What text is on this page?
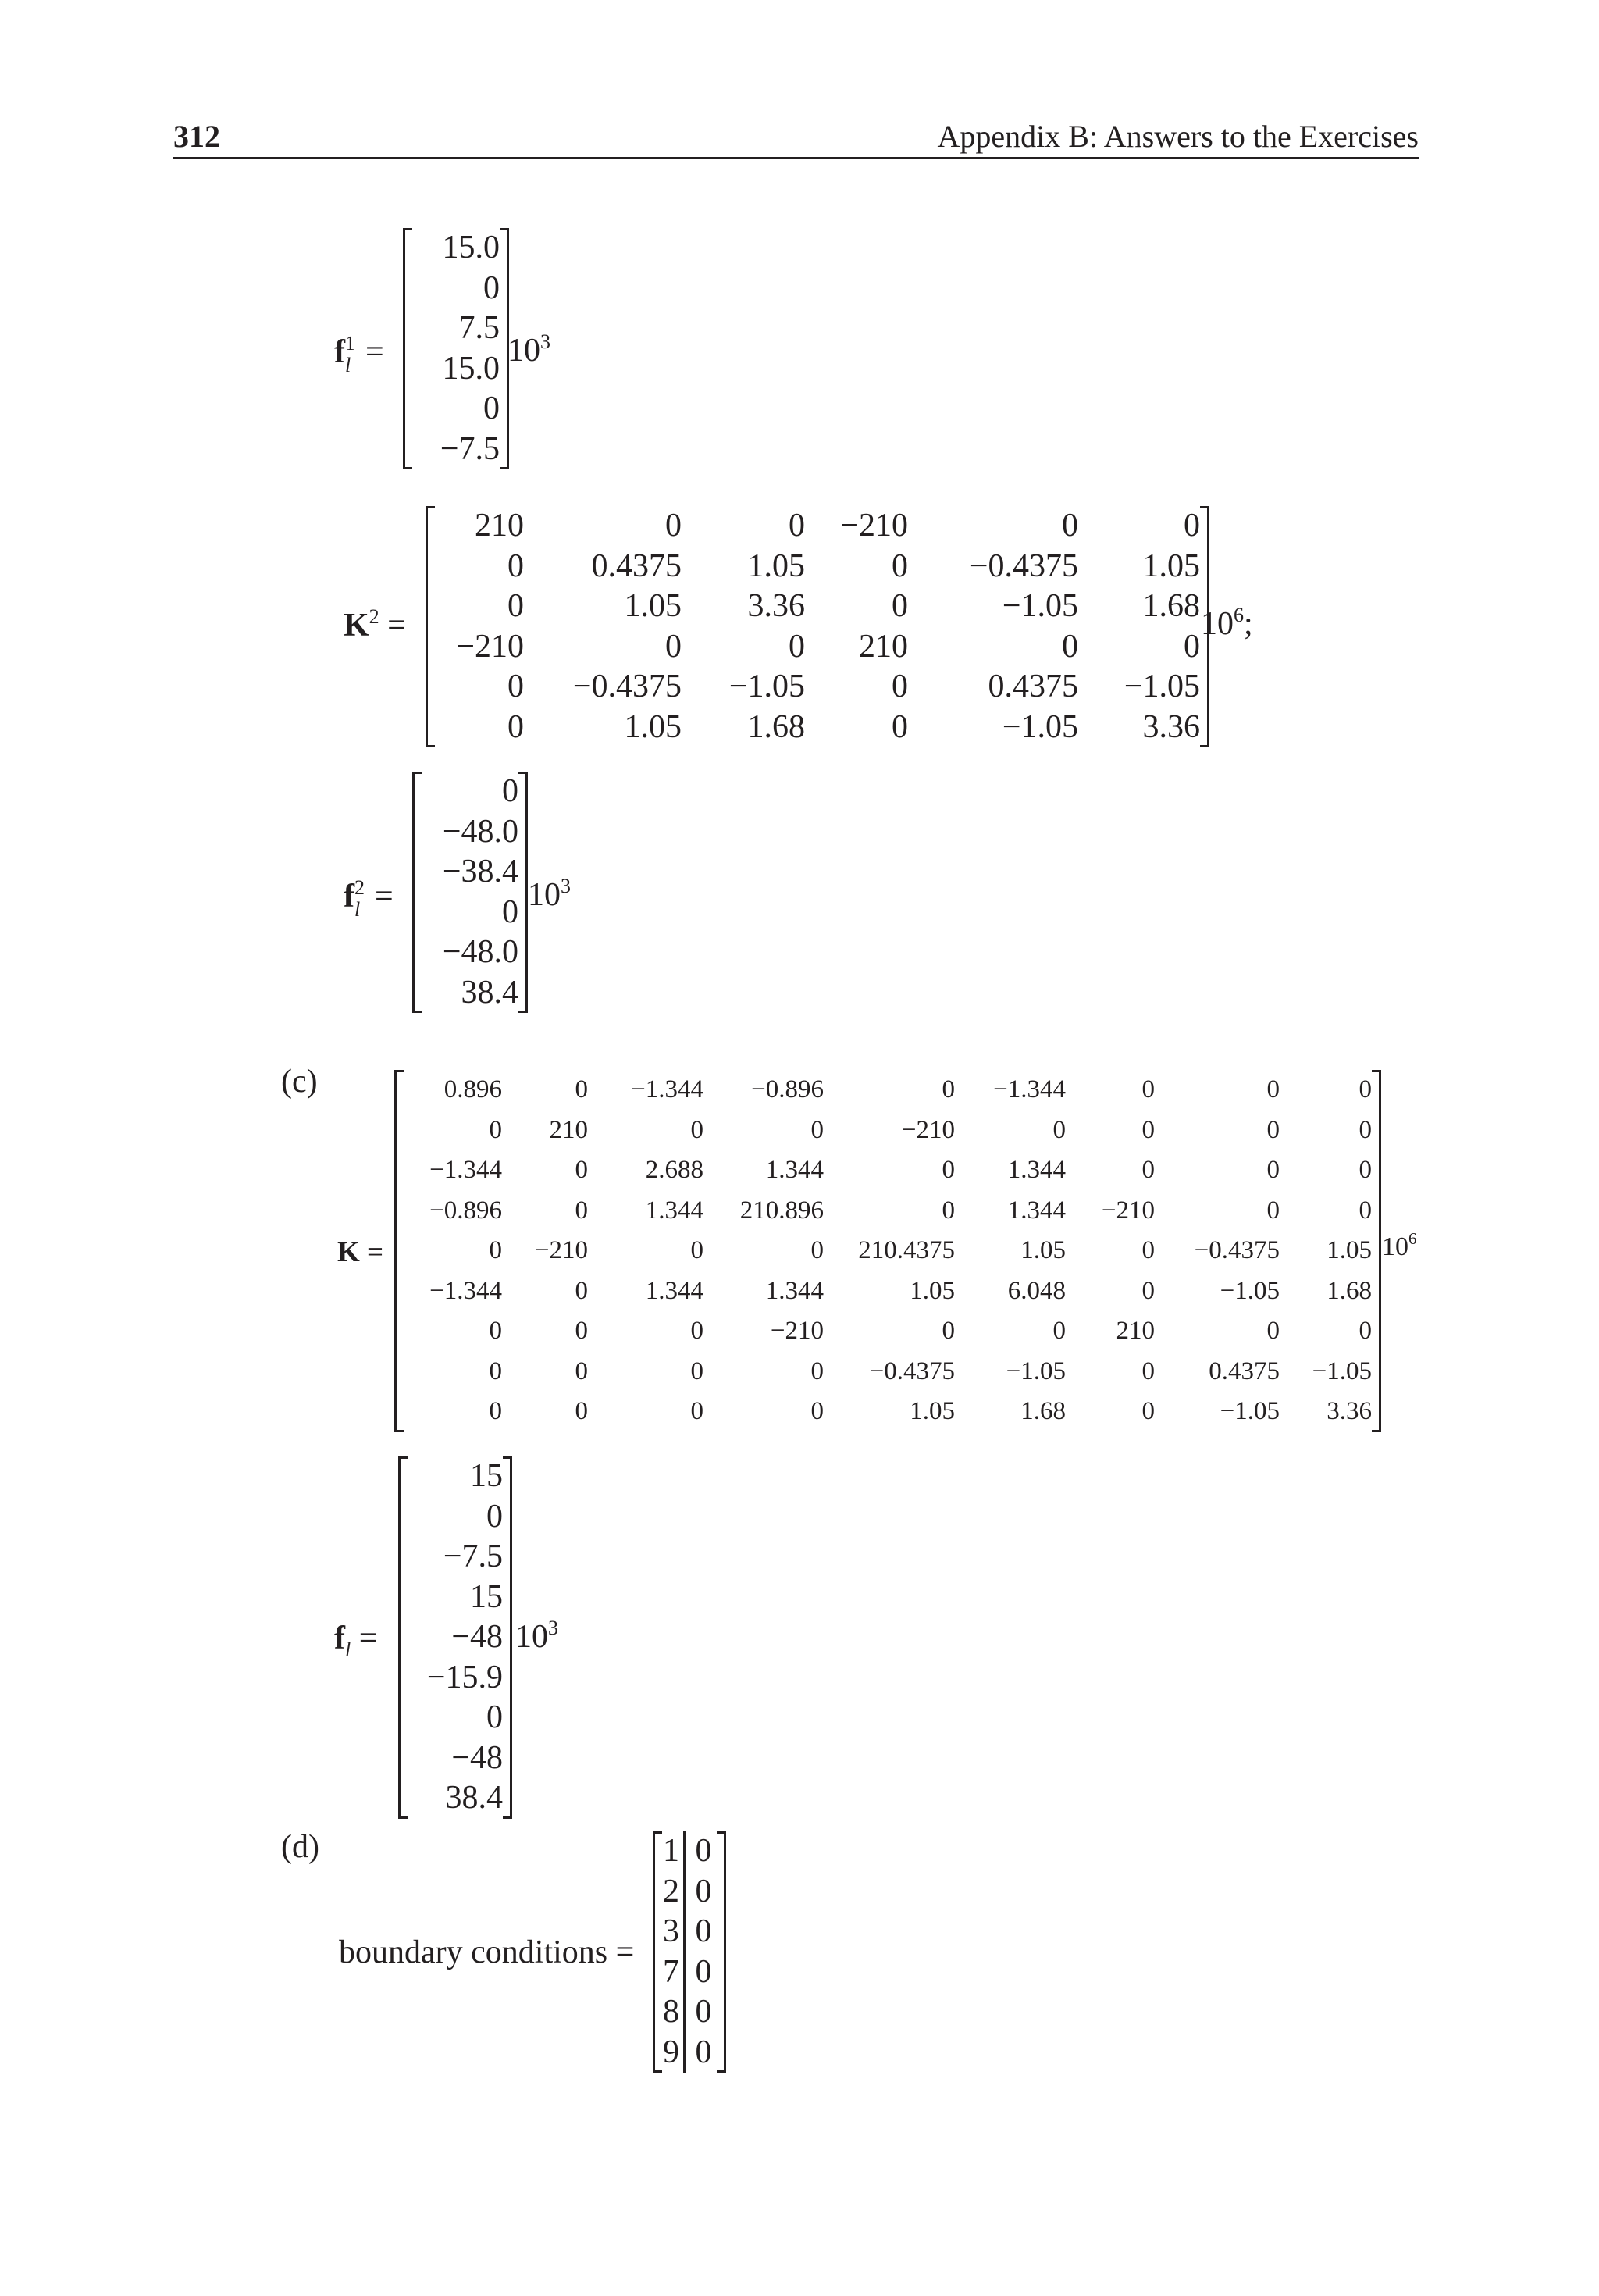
312	Appendix B: Answers to the Exercises
f 1
l =
15.0
0
7.5
15.0
0
−7.5
$10^3$
$K^2$ =
210	0	0	−210	0	0
0	0.4375	1.05	0	−0.4375	1.05
0	1.05	3.36	0	−1.05	1.68
−210	0	0	210	0	0
0	−0.4375	−1.05	0	0.4375	−1.05
0	1.05	1.68	0	−1.05	3.36
$10^6$;
f 2
l =
0
−48.0
−38.4
0
−48.0
38.4
$10^3$
(c)
K =
0.896	0	−1.344	−0.896	0	−1.344	0	0	0
0	210	0	0	−210	0	0	0	0
−1.344	0	2.688	1.344	0	1.344	0	0	0
−0.896	0	1.344	210.896	0	1.344	−210	0	0
0	−210	0	0	210.4375	1.05	0	−0.4375	1.05
−1.344	0	1.344	1.344	1.05	6.048	0	−1.05	1.68
0	0	0	−210	0	0	210	0	0
0	0	0	0	−0.4375	−1.05	0	0.4375	−1.05
0	0	0	0	1.05	1.68	0	−1.05	3.36
$10^6$
$f_l$ =
15
0
−7.5
15
−48
−15.9
0
−48
38.4
$10^3$
(d)
boundary conditions =
1 0
2 0
3 0
7 0
8 0
9 0
